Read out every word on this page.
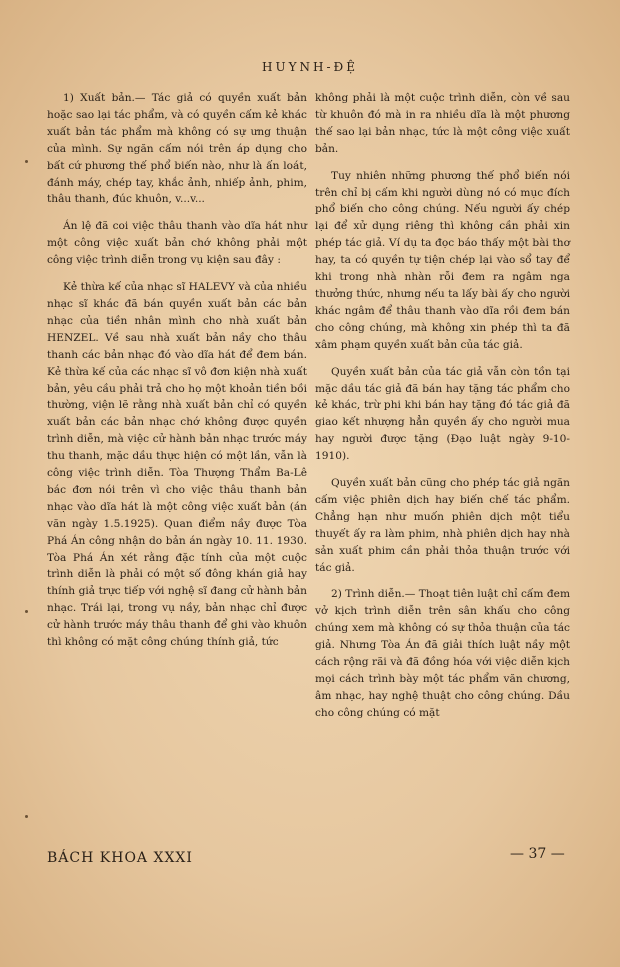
HUYNH-ĐỆ

1) Xuất bản.— Tác giả có quyền xuất bản hoặc sao lại tác phẩm, và có quyền cấm kẻ khác xuất bản tác phẩm mà không có sự ưng thuận của mình. Sự ngăn cấm nói trên áp dụng cho bất cứ phương thế phổ biến nào, như là ấn loát, đánh máy, chép tay, khắc ảnh, nhiếp ảnh, phim, thâu thanh, đúc khuôn, v...v...

Án lệ đã coi việc thâu thanh vào dĩa hát như một công việc xuất bản chớ không phải một công việc trình diễn trong vụ kiện sau đây :

Kẻ thừa kế của nhạc sĩ HALEVY và của nhiều nhạc sĩ khác đã bán quyền xuất bản các bản nhạc của tiền nhân mình cho nhà xuất bản HENZEL. Về sau nhà xuất bản nầy cho thâu thanh các bản nhạc đó vào dĩa hát để đem bán. Kẻ thừa kế của các nhạc sĩ vô đơn kiện nhà xuất bản, yêu cầu phải trả cho họ một khoản tiền bồi thường, viện lẽ rằng nhà xuất bản chỉ có quyền xuất bản các bản nhạc chớ không được quyền trình diễn, mà việc cử hành bản nhạc trước máy thu thanh, mặc dầu thực hiện có một lần, vẫn là công việc trình diễn. Tòa Thượng Thẩm Ba-Lê bác đơn nói trên vì cho việc thâu thanh bản nhạc vào dĩa hát là một công việc xuất bản (án văn ngày 1.5.1925). Quan điểm nầy được Tòa Phá Án công nhận do bản án ngày 10. 11. 1930. Tòa Phá Án xét rằng đặc tính của một cuộc trình diễn là phải có một số đông khán giả hay thính giả trực tiếp với nghệ sĩ đang cử hành bản nhạc. Trái lại, trong vụ nầy, bản nhạc chỉ được cử hành trước máy thâu thanh để ghi vào khuôn thì không có mặt công chúng thính giả, tức

không phải là một cuộc trình diễn, còn về sau từ khuôn đó mà in ra nhiều dĩa là một phương thế sao lại bản nhạc, tức là một công việc xuất bản.

Tuy nhiên những phương thế phổ biến nói trên chỉ bị cấm khi người dùng nó có mục đích phổ biến cho công chúng. Nếu người ấy chép lại để xử dụng riêng thì không cần phải xin phép tác giả. Ví dụ ta đọc báo thấy một bài thơ hay, ta có quyền tự tiện chép lại vào sổ tay để khi trong nhà nhàn rỗi đem ra ngâm nga thưởng thức, nhưng nếu ta lấy bài ấy cho người khác ngâm để thâu thanh vào dĩa rồi đem bán cho công chúng, mà không xin phép thì ta đã xâm phạm quyền xuất bản của tác giả.

Quyền xuất bản của tác giả vẫn còn tồn tại mặc dầu tác giả đã bán hay tặng tác phẩm cho kẻ khác, trừ phi khi bán hay tặng đó tác giả đã giao kết nhượng hẳn quyền ấy cho người mua hay người được tặng (Đạo luật ngày 9-10-1910).

Quyền xuất bản cũng cho phép tác giả ngăn cấm việc phiên dịch hay biến chế tác phẩm. Chẳng hạn như muốn phiên dịch một tiểu thuyết ấy ra làm phim, nhà phiên dịch hay nhà sản xuất phim cần phải thỏa thuận trước với tác giả.

2) Trình diễn.— Thoạt tiên luật chỉ cấm đem vở kịch trình diễn trên sân khấu cho công chúng xem mà không có sự thỏa thuận của tác giả. Nhưng Tòa Án đã giải thích luật nầy một cách rộng rãi và đã đồng hóa với việc diễn kịch mọi cách trình bày một tác phẩm văn chương, âm nhạc, hay nghệ thuật cho công chúng. Dầu cho công chúng có mặt

BÁCH KHOA XXXI	— 37 —
